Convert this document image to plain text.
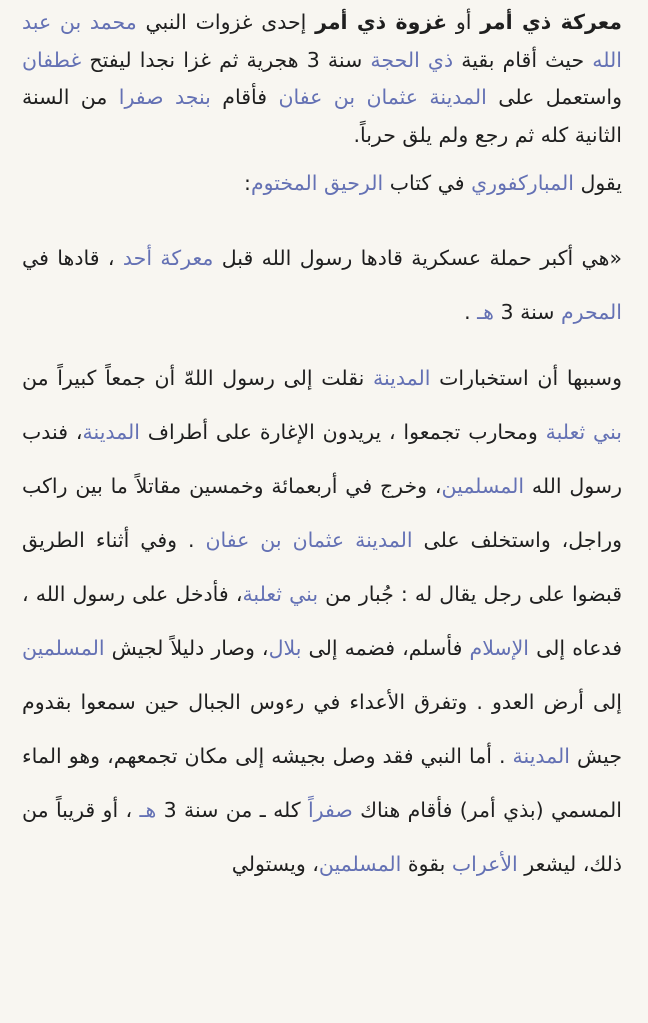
معركة ذي أمر أو غزوة ذي أمر إحدى غزوات النبي محمد بن عبد الله حيث أقام بقية ذي الحجة سنة 3 هجرية ثم غزا نجدا ليفتح غطفان واستعمل على المدينة عثمان بن عفان فأقام بنجد صفرا من السنة الثانية كله ثم رجع ولم يلق حرباً.

يقول المباركفوري في كتاب الرحيق المختوم:

«هي أكبر حملة عسكرية قادها رسول الله قبل معركة أحد ، قادها في المحرم سنة 3 هـ .

وسببها أن استخبارات المدينة نقلت إلى رسول اللهّ أن جمعاً كبيراً من بني ثعلبة ومحارب تجمعوا ، يريدون الإغارة على أطراف المدينة، فندب رسول الله المسلمين، وخرج في أربعمائة وخمسين مقاتلاً ما بين راكب وراجل، واستخلف على المدينة عثمان بن عفان . وفي أثناء الطريق قبضوا على رجل يقال له : جُبار من بني ثعلبة، فأدخل على رسول الله ، فدعاه إلى الإسلام فأسلم، فضمه إلى بلال، وصار دليلاً لجيش المسلمين إلى أرض العدو . وتفرق الأعداء في رءوس الجبال حين سمعوا بقدوم جيش المدينة . أما النبي فقد وصل بجيشه إلى مكان تجمعهم، وهو الماء المسمي (بذي أمر) فأقام هناك صفراً كله ـ من سنة 3 هـ ، أو قريباً من ذلك، ليشعر الأعراب بقوة المسلمين، ويستولي
